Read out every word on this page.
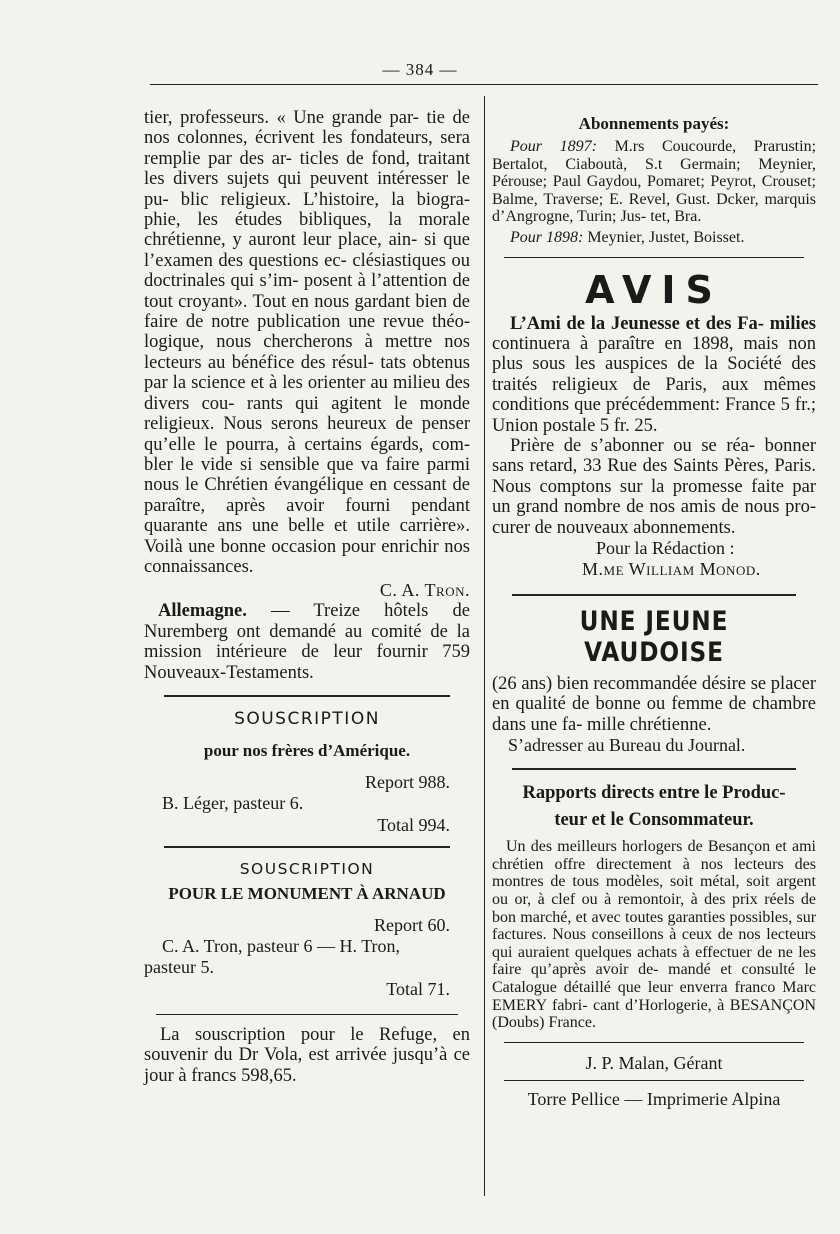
— 384 —

tier, professeurs. « Une grande par- tie de nos colonnes, écrivent les fondateurs, sera remplie par des ar- ticles de fond, traitant les divers sujets qui peuvent intéresser le pu- blic religieux. L’histoire, la biogra- phie, les études bibliques, la morale chrétienne, y auront leur place, ain- si que l’examen des questions ec- clésiastiques ou doctrinales qui s’im- posent à l’attention de tout croyant». Tout en nous gardant bien de faire de notre publication une revue théo- logique, nous chercherons à mettre nos lecteurs au bénéfice des résul- tats obtenus par la science et à les orienter au milieu des divers cou- rants qui agitent le monde religieux. Nous serons heureux de penser qu’elle le pourra, à certains égards, com- bler le vide si sensible que va faire parmi nous le Chrétien évangélique en cessant de paraître, après avoir fourni pendant quarante ans une belle et utile carrière». Voilà une bonne occasion pour enrichir nos connaissances.

C. A. Tron.

Allemagne. — Treize hôtels de Nuremberg ont demandé au comité de la mission intérieure de leur fournir 759 Nouveaux-Testaments.

SOUSCRIPTION

pour nos frères d’Amérique.

Report 988.

B. Léger, pasteur 6.

Total 994.

SOUSCRIPTION

POUR LE MONUMENT À ARNAUD

Report 60.

C. A. Tron, pasteur 6 — H. Tron,

pasteur 5.

Total 71.

La souscription pour le Refuge, en souvenir du Dr Vola, est arrivée jusqu’à ce jour à francs 598,65.

Abonnements payés:

Pour 1897: M.rs Coucourde, Prarustin; Bertalot, Ciaboutà, S.t Germain; Meynier, Pérouse; Paul Gaydou, Pomaret; Peyrot, Crouset; Balme, Traverse; E. Revel, Gust. Dcker, marquis d’Angrogne, Turin; Jus- tet, Bra.

Pour 1898: Meynier, Justet, Boisset.

AVIS

L’Ami de la Jeunesse et des Fa- milies continuera à paraître en 1898, mais non plus sous les auspices de la Société des traités religieux de Paris, aux mêmes conditions que précédemment: France 5 fr.; Union postale 5 fr. 25.

Prière de s’abonner ou se réa- bonner sans retard, 33 Rue des Saints Pères, Paris. Nous comptons sur la promesse faite par un grand nombre de nos amis de nous pro- curer de nouveaux abonnements.

Pour la Rédaction :

M.me William Monod.

UNE JEUNE VAUDOISE

(26 ans) bien recommandée désire se placer en qualité de bonne ou femme de chambre dans une fa- mille chrétienne.

S’adresser au Bureau du Journal.

Rapports directs entre le Produc-
teur et le Consommateur.

Un des meilleurs horlogers de Besançon et ami chrétien offre directement à nos lecteurs des montres de tous modèles, soit métal, soit argent ou or, à clef ou à remontoir, à des prix réels de bon marché, et avec toutes garanties possibles, sur factures. Nous conseillons à ceux de nos lecteurs qui auraient quelques achats à effectuer de ne les faire qu’après avoir de- mandé et consulté le Catalogue détaillé que leur enverra franco Marc EMERY fabri- cant d’Horlogerie, à BESANÇON (Doubs) France.

J. P. Malan, Gérant

Torre Pellice — Imprimerie Alpina
